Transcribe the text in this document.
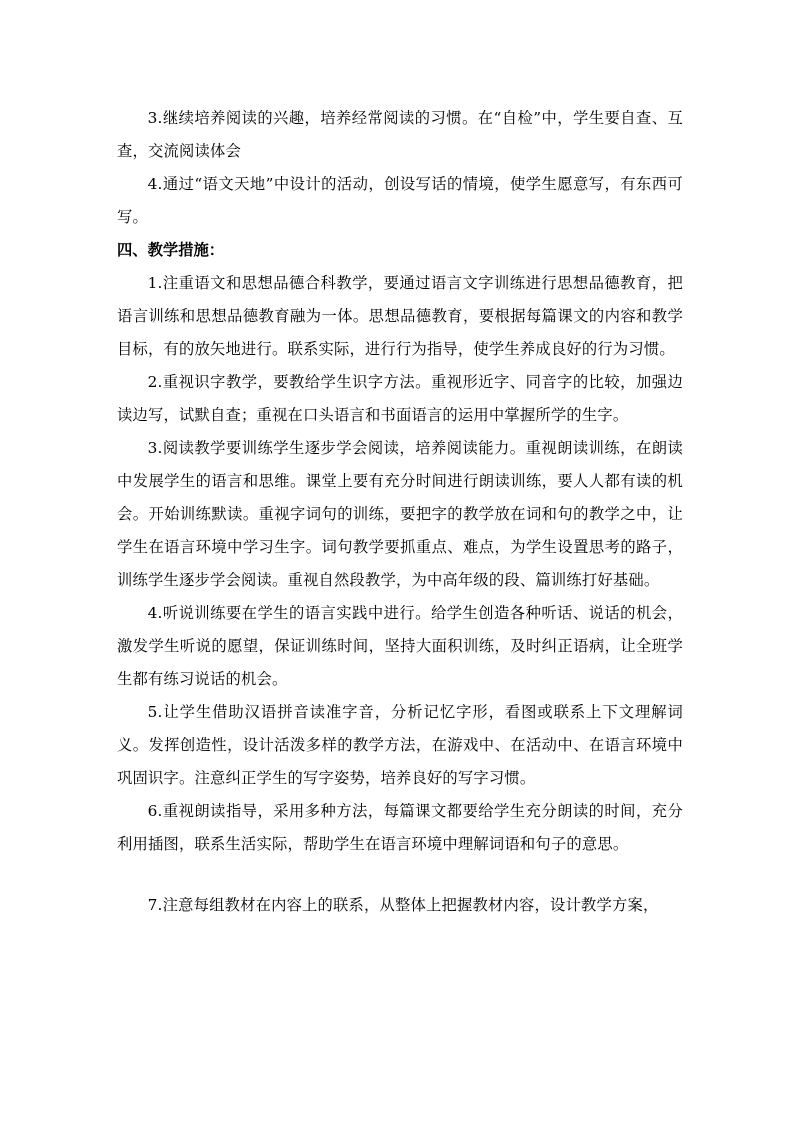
3.继续培养阅读的兴趣，培养经常阅读的习惯。在“自检”中，学生要自查、互查，交流阅读体会

4.通过“语文天地”中设计的活动，创设写话的情境，使学生愿意写，有东西可写。

四、教学措施：

1.注重语文和思想品德合科教学，要通过语言文字训练进行思想品德教育，把语言训练和思想品德教育融为一体。思想品德教育，要根据每篇课文的内容和教学目标，有的放矢地进行。联系实际，进行行为指导，使学生养成良好的行为习惯。

2.重视识字教学，要教给学生识字方法。重视形近字、同音字的比较，加强边读边写，试默自查；重视在口头语言和书面语言的运用中掌握所学的生字。

3.阅读教学要训练学生逐步学会阅读，培养阅读能力。重视朗读训练，在朗读中发展学生的语言和思维。课堂上要有充分时间进行朗读训练，要人人都有读的机会。开始训练默读。重视字词句的训练，要把字的教学放在词和句的教学之中，让学生在语言环境中学习生字。词句教学要抓重点、难点，为学生设置思考的路子，训练学生逐步学会阅读。重视自然段教学，为中高年级的段、篇训练打好基础。

4.听说训练要在学生的语言实践中进行。给学生创造各种听话、说话的机会，激发学生听说的愿望，保证训练时间，坚持大面积训练，及时纠正语病，让全班学生都有练习说话的机会。

5.让学生借助汉语拼音读准字音，分析记忆字形，看图或联系上下文理解词义。发挥创造性，设计活泼多样的教学方法，在游戏中、在活动中、在语言环境中巩固识字。注意纠正学生的写字姿势，培养良好的写字习惯。

6.重视朗读指导，采用多种方法，每篇课文都要给学生充分朗读的时间，充分利用插图，联系生活实际，帮助学生在语言环境中理解词语和句子的意思。

7.注意每组教材在内容上的联系，从整体上把握教材内容，设计教学方案，
